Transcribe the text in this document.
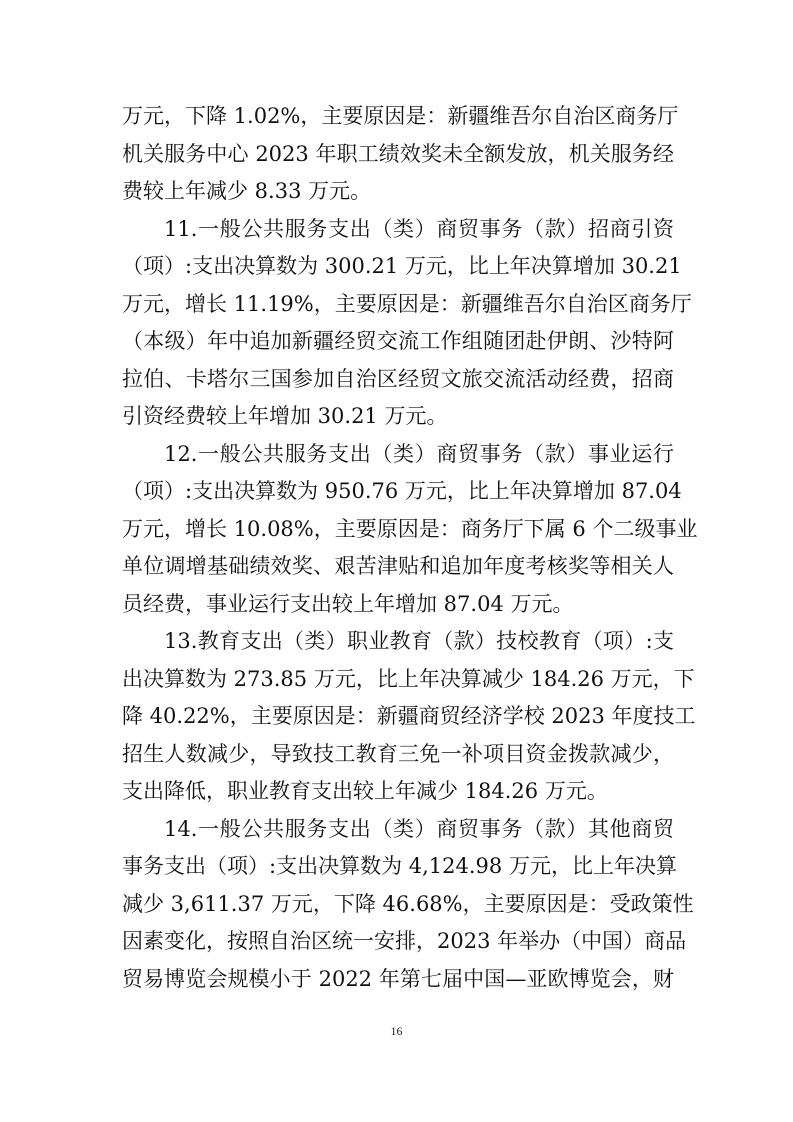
万元，下降 1.02%，主要原因是：新疆维吾尔自治区商务厅
机关服务中心 2023 年职工绩效奖未全额发放，机关服务经
费较上年减少 8.33 万元。
11.一般公共服务支出（类）商贸事务（款）招商引资
（项）:支出决算数为 300.21 万元，比上年决算增加 30.21
万元，增长 11.19%，主要原因是：新疆维吾尔自治区商务厅
（本级）年中追加新疆经贸交流工作组随团赴伊朗、沙特阿
拉伯、卡塔尔三国参加自治区经贸文旅交流活动经费，招商
引资经费较上年增加 30.21 万元。
12.一般公共服务支出（类）商贸事务（款）事业运行
（项）:支出决算数为 950.76 万元，比上年决算增加 87.04
万元，增长 10.08%，主要原因是：商务厅下属 6 个二级事业
单位调增基础绩效奖、艰苦津贴和追加年度考核奖等相关人
员经费，事业运行支出较上年增加 87.04 万元。
13.教育支出（类）职业教育（款）技校教育（项）:支
出决算数为 273.85 万元，比上年决算减少 184.26 万元，下
降 40.22%，主要原因是：新疆商贸经济学校 2023 年度技工
招生人数减少，导致技工教育三免一补项目资金拨款减少，
支出降低，职业教育支出较上年减少 184.26 万元。
14.一般公共服务支出（类）商贸事务（款）其他商贸
事务支出（项）:支出决算数为 4,124.98 万元，比上年决算
减少 3,611.37 万元，下降 46.68%，主要原因是：受政策性
因素变化，按照自治区统一安排，2023 年举办（中国）商品
贸易博览会规模小于 2022 年第七届中国—亚欧博览会，财
16
